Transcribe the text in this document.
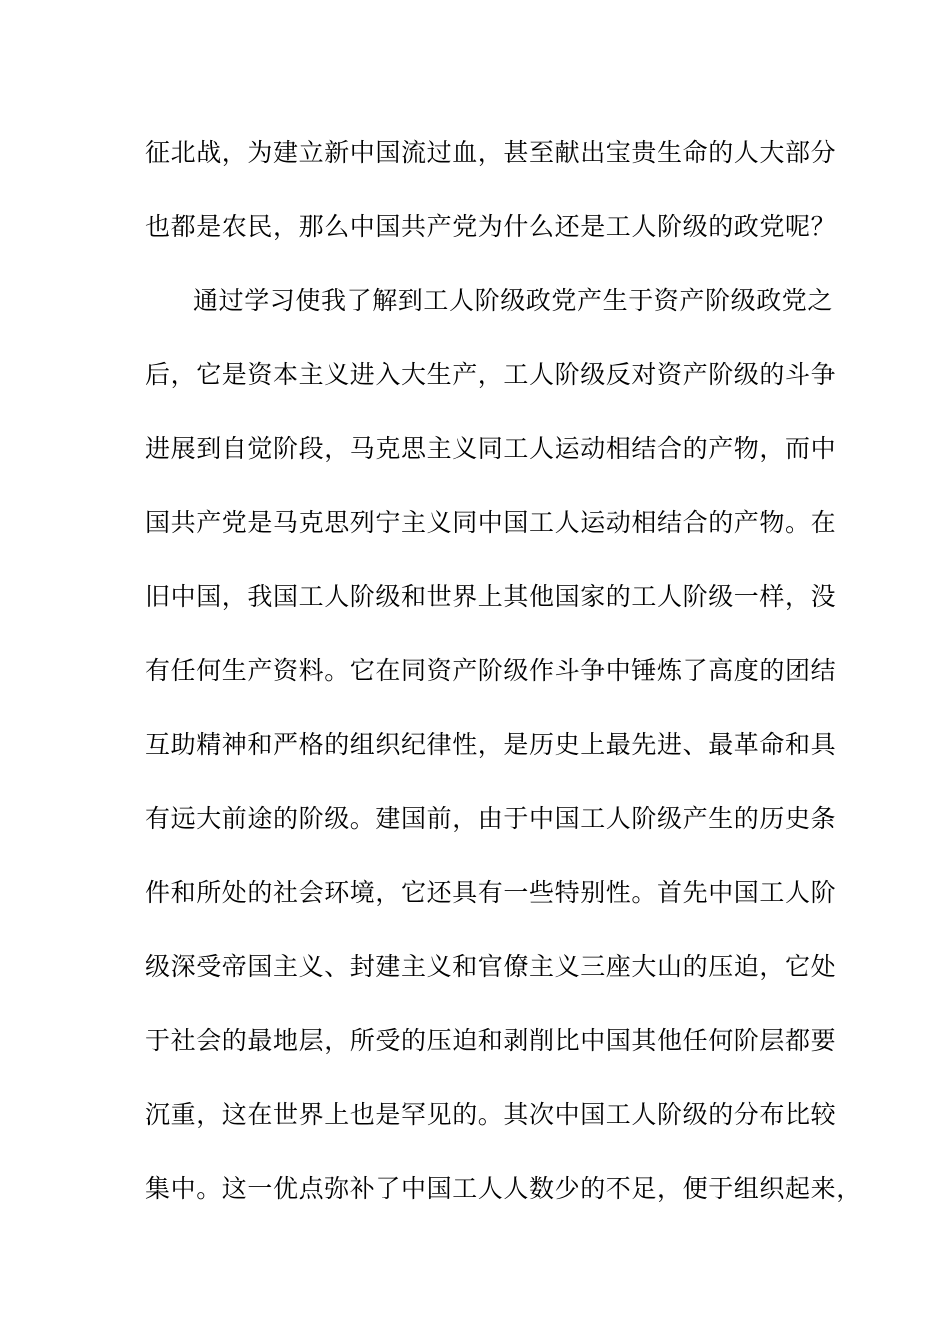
征北战，为建立新中国流过血，甚至献出宝贵生命的人大部分
也都是农民，那么中国共产党为什么还是工人阶级的政党呢？
通过学习使我了解到工人阶级政党产生于资产阶级政党之
后，它是资本主义进入大生产，工人阶级反对资产阶级的斗争
进展到自觉阶段，马克思主义同工人运动相结合的产物，而中
国共产党是马克思列宁主义同中国工人运动相结合的产物。在
旧中国，我国工人阶级和世界上其他国家的工人阶级一样，没
有任何生产资料。它在同资产阶级作斗争中锤炼了高度的团结
互助精神和严格的组织纪律性，是历史上最先进、最革命和具
有远大前途的阶级。建国前，由于中国工人阶级产生的历史条
件和所处的社会环境，它还具有一些特别性。首先中国工人阶
级深受帝国主义、封建主义和官僚主义三座大山的压迫，它处
于社会的最地层，所受的压迫和剥削比中国其他任何阶层都要
沉重，这在世界上也是罕见的。其次中国工人阶级的分布比较
集中。这一优点弥补了中国工人人数少的不足，便于组织起来，
